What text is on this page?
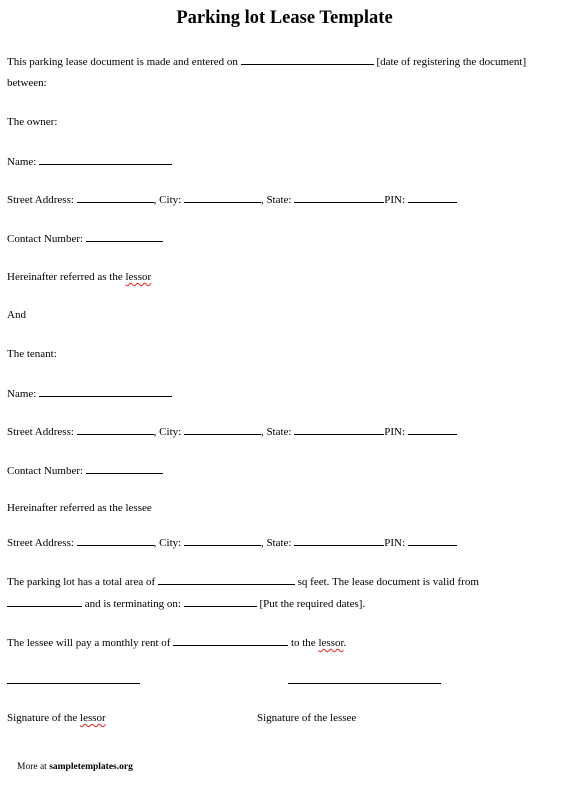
Parking lot Lease Template
This parking lease document is made and entered on	[date of registering the document]
between:
The owner:
Name:
Street Address:	, City:	, State:	PIN:
Contact Number:
Hereinafter referred as the lessor
And
The tenant:
Name:
Street Address:	, City:	, State:	PIN:
Contact Number:
Hereinafter referred as the lessee
Street Address:	, City:	, State:	PIN:
The parking lot has a total area of	sq feet. The lease document is valid from
and is terminating on:	[Put the required dates].
The lessee will pay a monthly rent of	to the lessor.
Signature of the lessor	Signature of the lessee
More at sampletemplates.org
